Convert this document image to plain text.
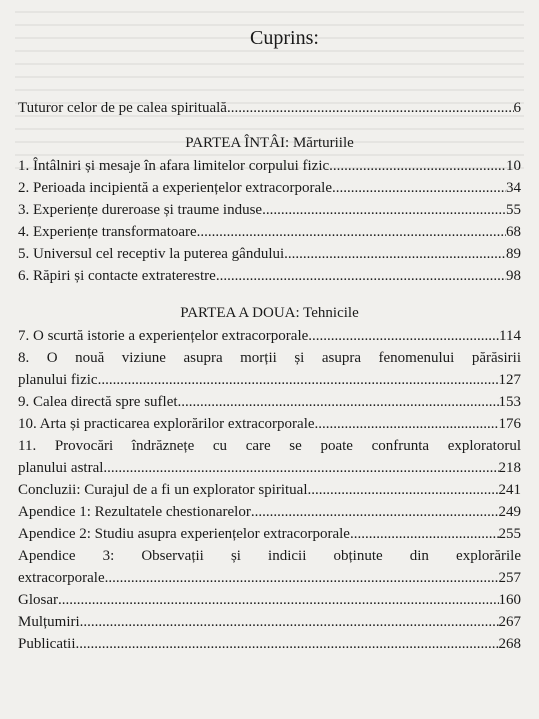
Cuprins:
Tuturor celor de pe calea spirituală .....	6
PARTEA ÎNTÂI: Mărturiile
1. Întâlniri și mesaje în afara limitelor corpului fizic .....	10
2. Perioada incipientă a experiențelor extracorporale .....	34
3. Experiențe dureroase și traume induse .....	55
4. Experiențe transformatoare .....	68
5. Universul cel receptiv la puterea gândului .....	89
6. Răpiri și contacte extraterestre .....	98
PARTEA A DOUA: Tehnicile
7. O scurtă istorie a experiențelor extracorporale .....	114
8. O nouă viziune asupra morții și asupra fenomenului părăsirii
planului fizic .....	127
9. Calea directă spre suflet .....	153
10. Arta și practicarea explorărilor extracorporale .....	176
11. Provocări îndrăznețe cu care se poate confrunta exploratorul
planului astral .....	218
Concluzii: Curajul de a fi un explorator spiritual .....	241
Apendice 1: Rezultatele chestionarelor .....	249
Apendice 2: Studiu asupra experiențelor extracorporale .....	255
Apendice 3: Observații și indicii obținute din explorările
extracorporale .....	257
Glosar .....	160
Mulțumiri .....	267
Publicatii .....	268
